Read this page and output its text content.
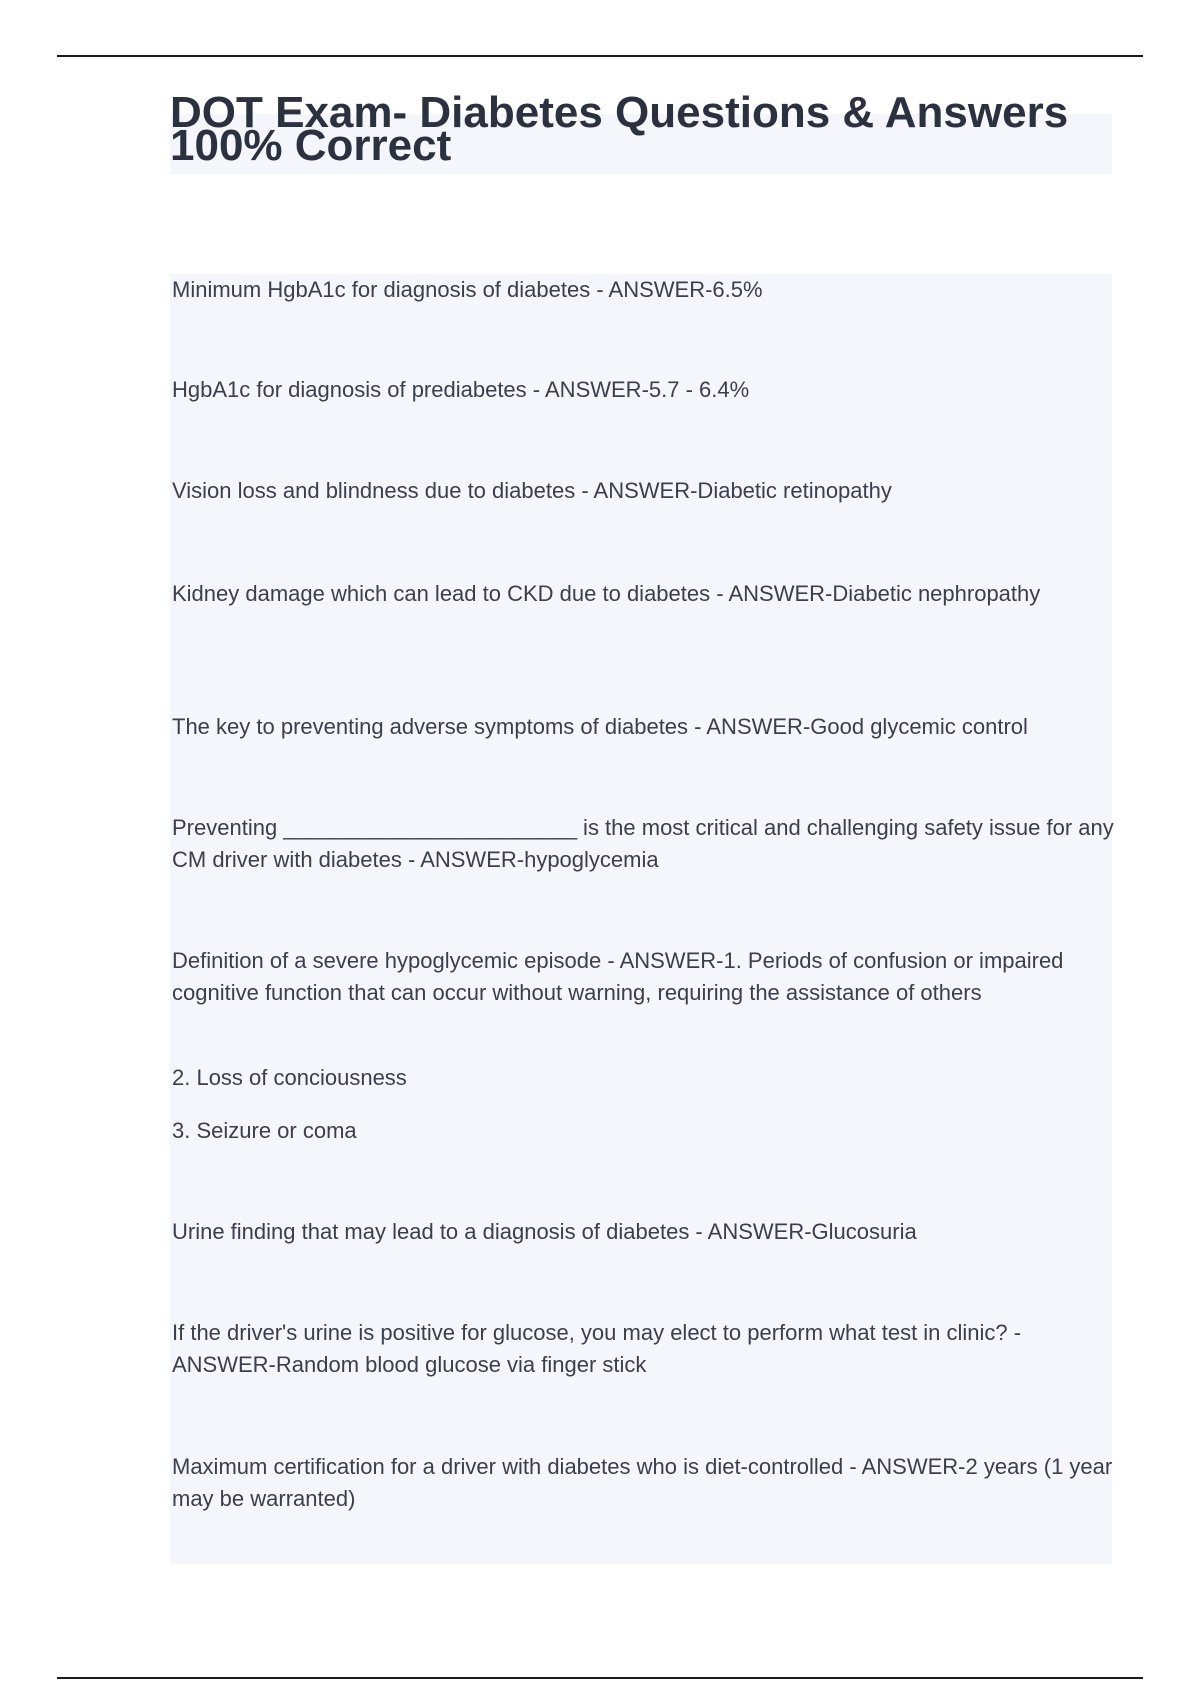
DOT Exam- Diabetes Questions & Answers 100% Correct

Minimum HgbA1c for diagnosis of diabetes - ANSWER-6.5%

HgbA1c for diagnosis of prediabetes - ANSWER-5.7 - 6.4%

Vision loss and blindness due to diabetes - ANSWER-Diabetic retinopathy

Kidney damage which can lead to CKD due to diabetes - ANSWER-Diabetic nephropathy

The key to preventing adverse symptoms of diabetes - ANSWER-Good glycemic control

Preventing ________________________ is the most critical and challenging safety issue for any CM driver with diabetes - ANSWER-hypoglycemia

Definition of a severe hypoglycemic episode - ANSWER-1. Periods of confusion or impaired cognitive function that can occur without warning, requiring the assistance of others

2. Loss of conciousness

3. Seizure or coma

Urine finding that may lead to a diagnosis of diabetes - ANSWER-Glucosuria

If the driver's urine is positive for glucose, you may elect to perform what test in clinic? - ANSWER-Random blood glucose via finger stick

Maximum certification for a driver with diabetes who is diet-controlled - ANSWER-2 years (1 year may be warranted)
